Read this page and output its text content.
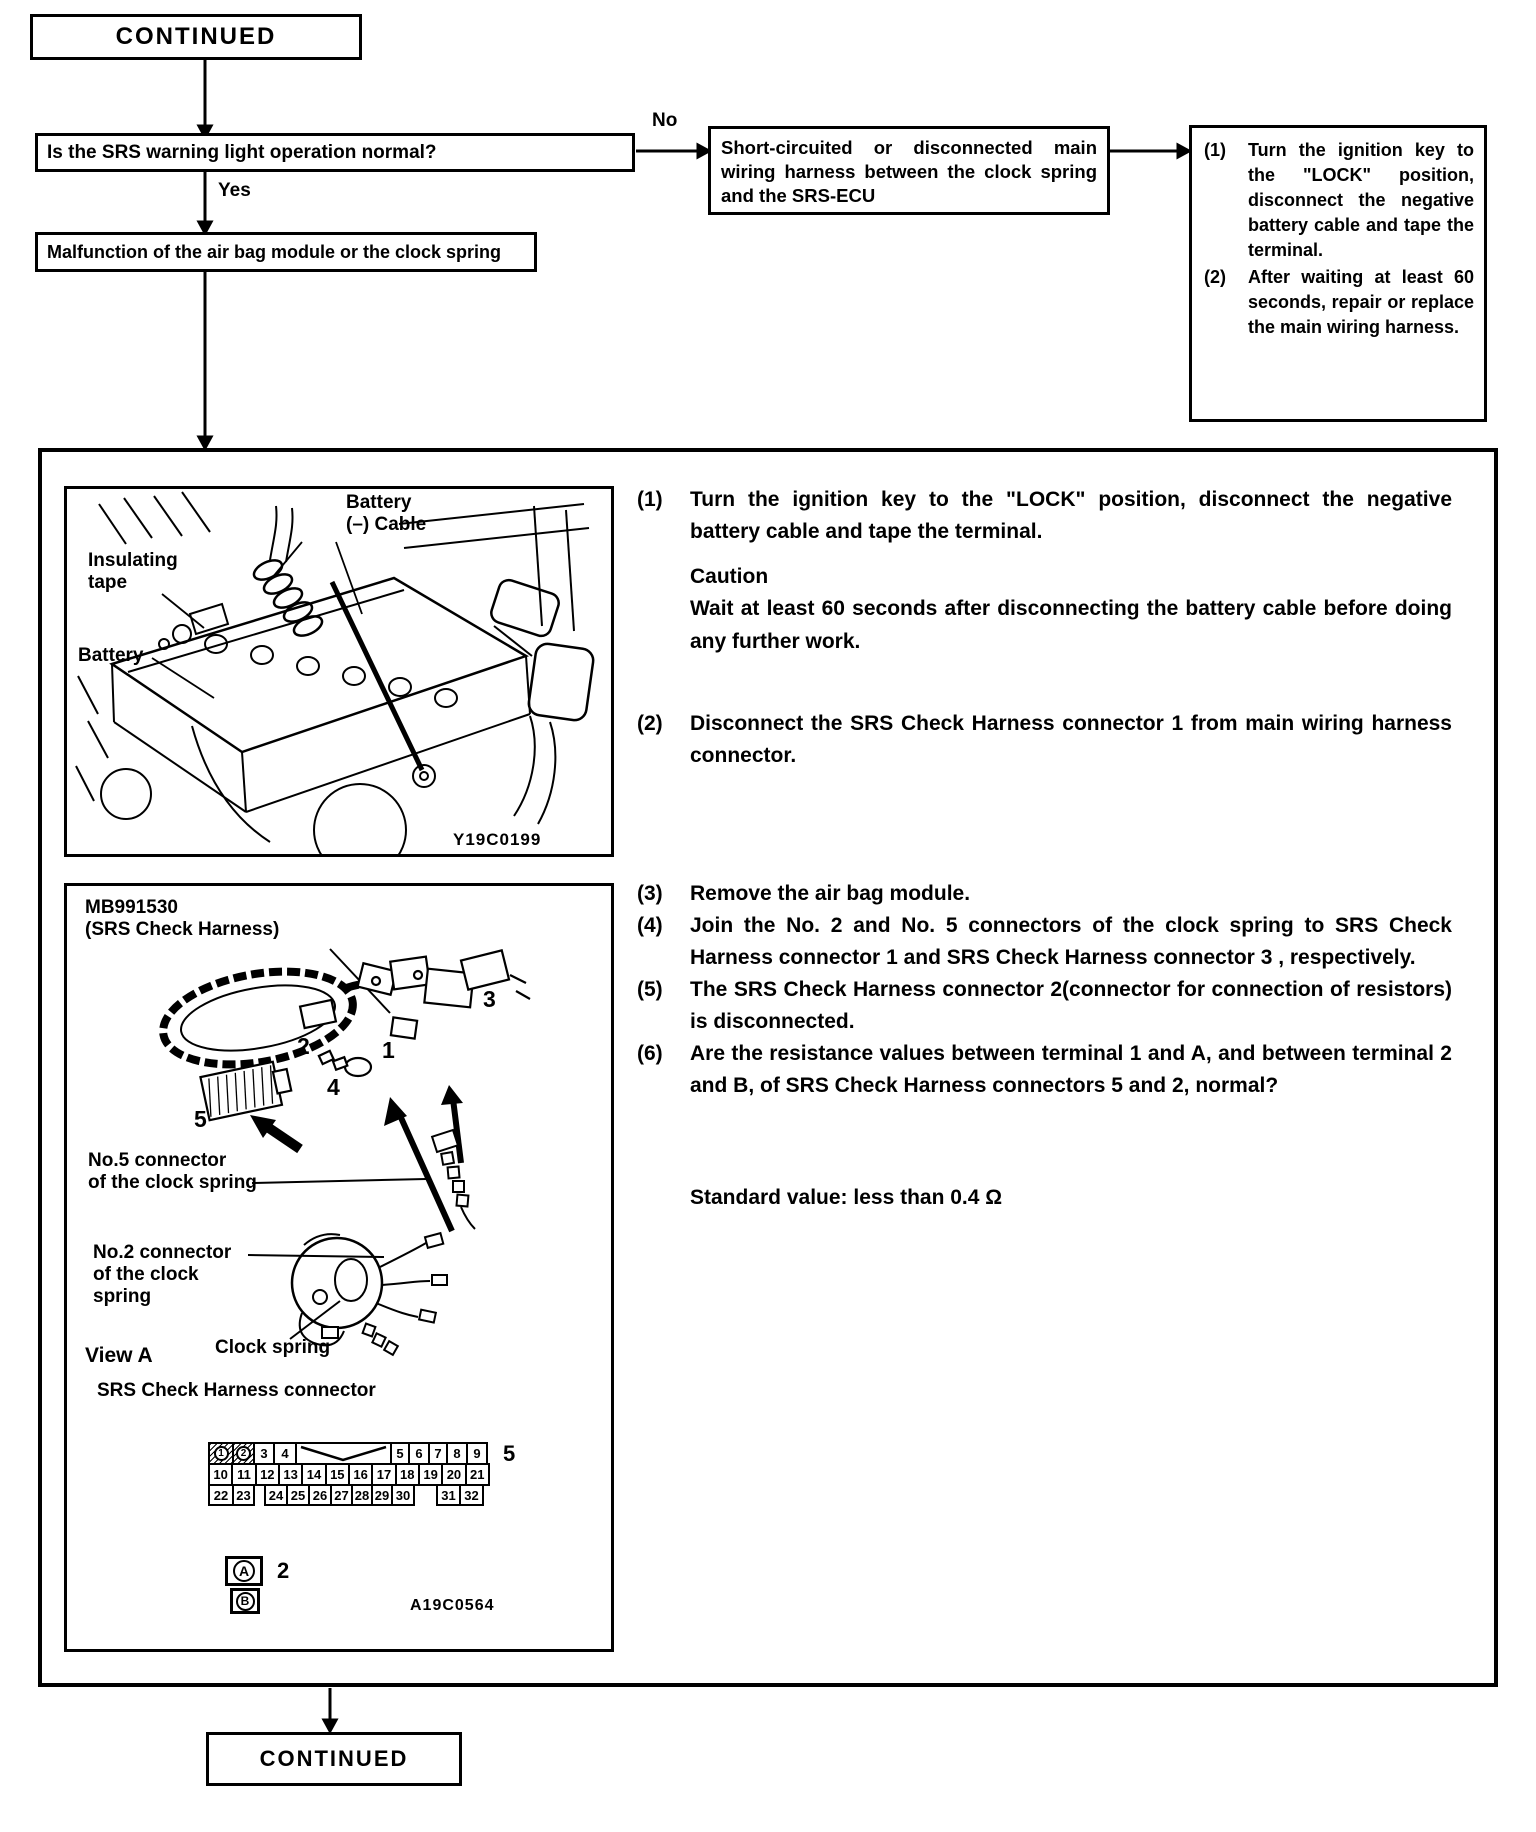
CONTINUED
Is the SRS warning light operation normal?
No
Yes
Malfunction of the air bag module or the clock spring
Short-circuited or disconnected main wiring harness between the clock spring and the SRS-ECU
(1)	Turn the ignition key to the "LOCK" position, disconnect the negative battery cable and tape the terminal.
(2)	After waiting at least 60 seconds, repair or replace the main wiring harness.
Battery
(–) Cable
Insulating
tape
Battery
Y19C0199
MB991530
(SRS Check Harness)
3
2	1
4
5
No.5 connector
of the clock spring
No.2 connector
of the clock
spring
View A	Clock spring
SRS Check Harness connector
A19C0564
1	2	3 4	5 6 7 8 9
10 11 12 13 14 15 16 17 18 19 20 21
22 23 24 25 26 27 28 29 30 31 32
5
A
B
2
(1)	Turn the ignition key to the "LOCK" position, disconnect the negative battery cable and tape the terminal.
Caution
Wait at least 60 seconds after disconnecting the battery cable before doing any further work.
(2)	Disconnect the SRS Check Harness connector 1 from main wiring harness connector.
(3)	Remove the air bag module.
(4)	Join the No. 2 and No. 5 connectors of the clock spring to SRS Check Harness connector 1 and SRS Check Harness connector 3 , respectively.
(5)	The SRS Check Harness connector 2(connector for connection of resistors) is disconnected.
(6)	Are the resistance values between terminal 1 and A, and between terminal 2 and B, of SRS Check Harness connectors 5 and 2, normal?
Standard value: less than 0.4 Ω
CONTINUED
